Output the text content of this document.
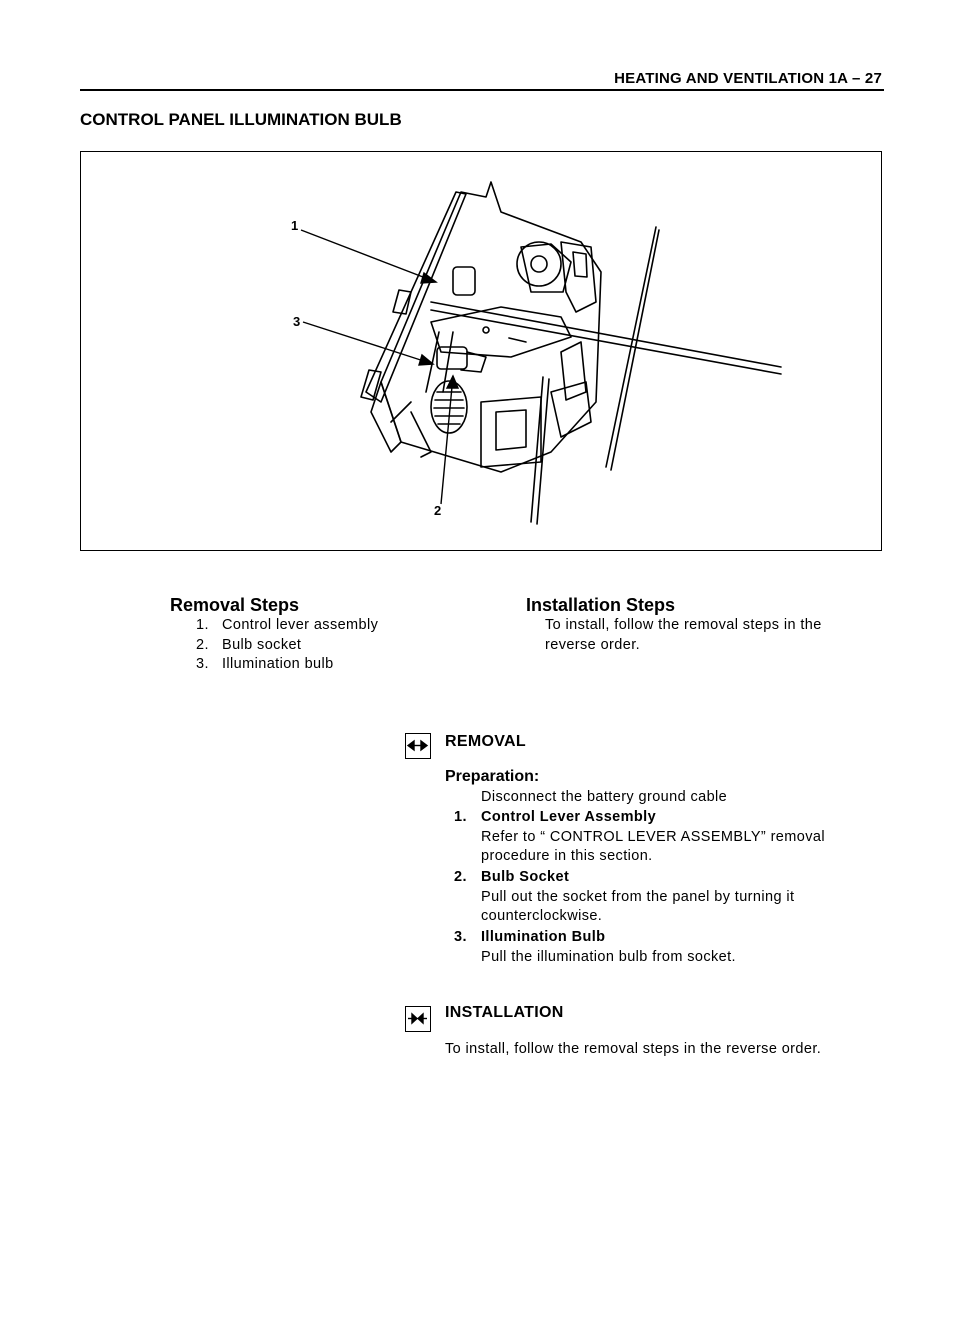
HEATING AND VENTILATION 1A – 27
CONTROL PANEL ILLUMINATION BULB
1
3
2
Removal Steps
1. Control lever assembly
2. Bulb socket
3. Illumination bulb
Installation Steps
To install, follow the removal steps in the
reverse order.
REMOVAL
Preparation:
Disconnect the battery ground cable
1. Control Lever Assembly
Refer to “ CONTROL LEVER ASSEMBLY” removal
procedure in this section.
2. Bulb Socket
Pull out the socket from the panel by turning it
counterclockwise.
3. Illumination Bulb
Pull the illumination bulb from socket.
INSTALLATION
To install, follow the removal steps in the reverse order.
